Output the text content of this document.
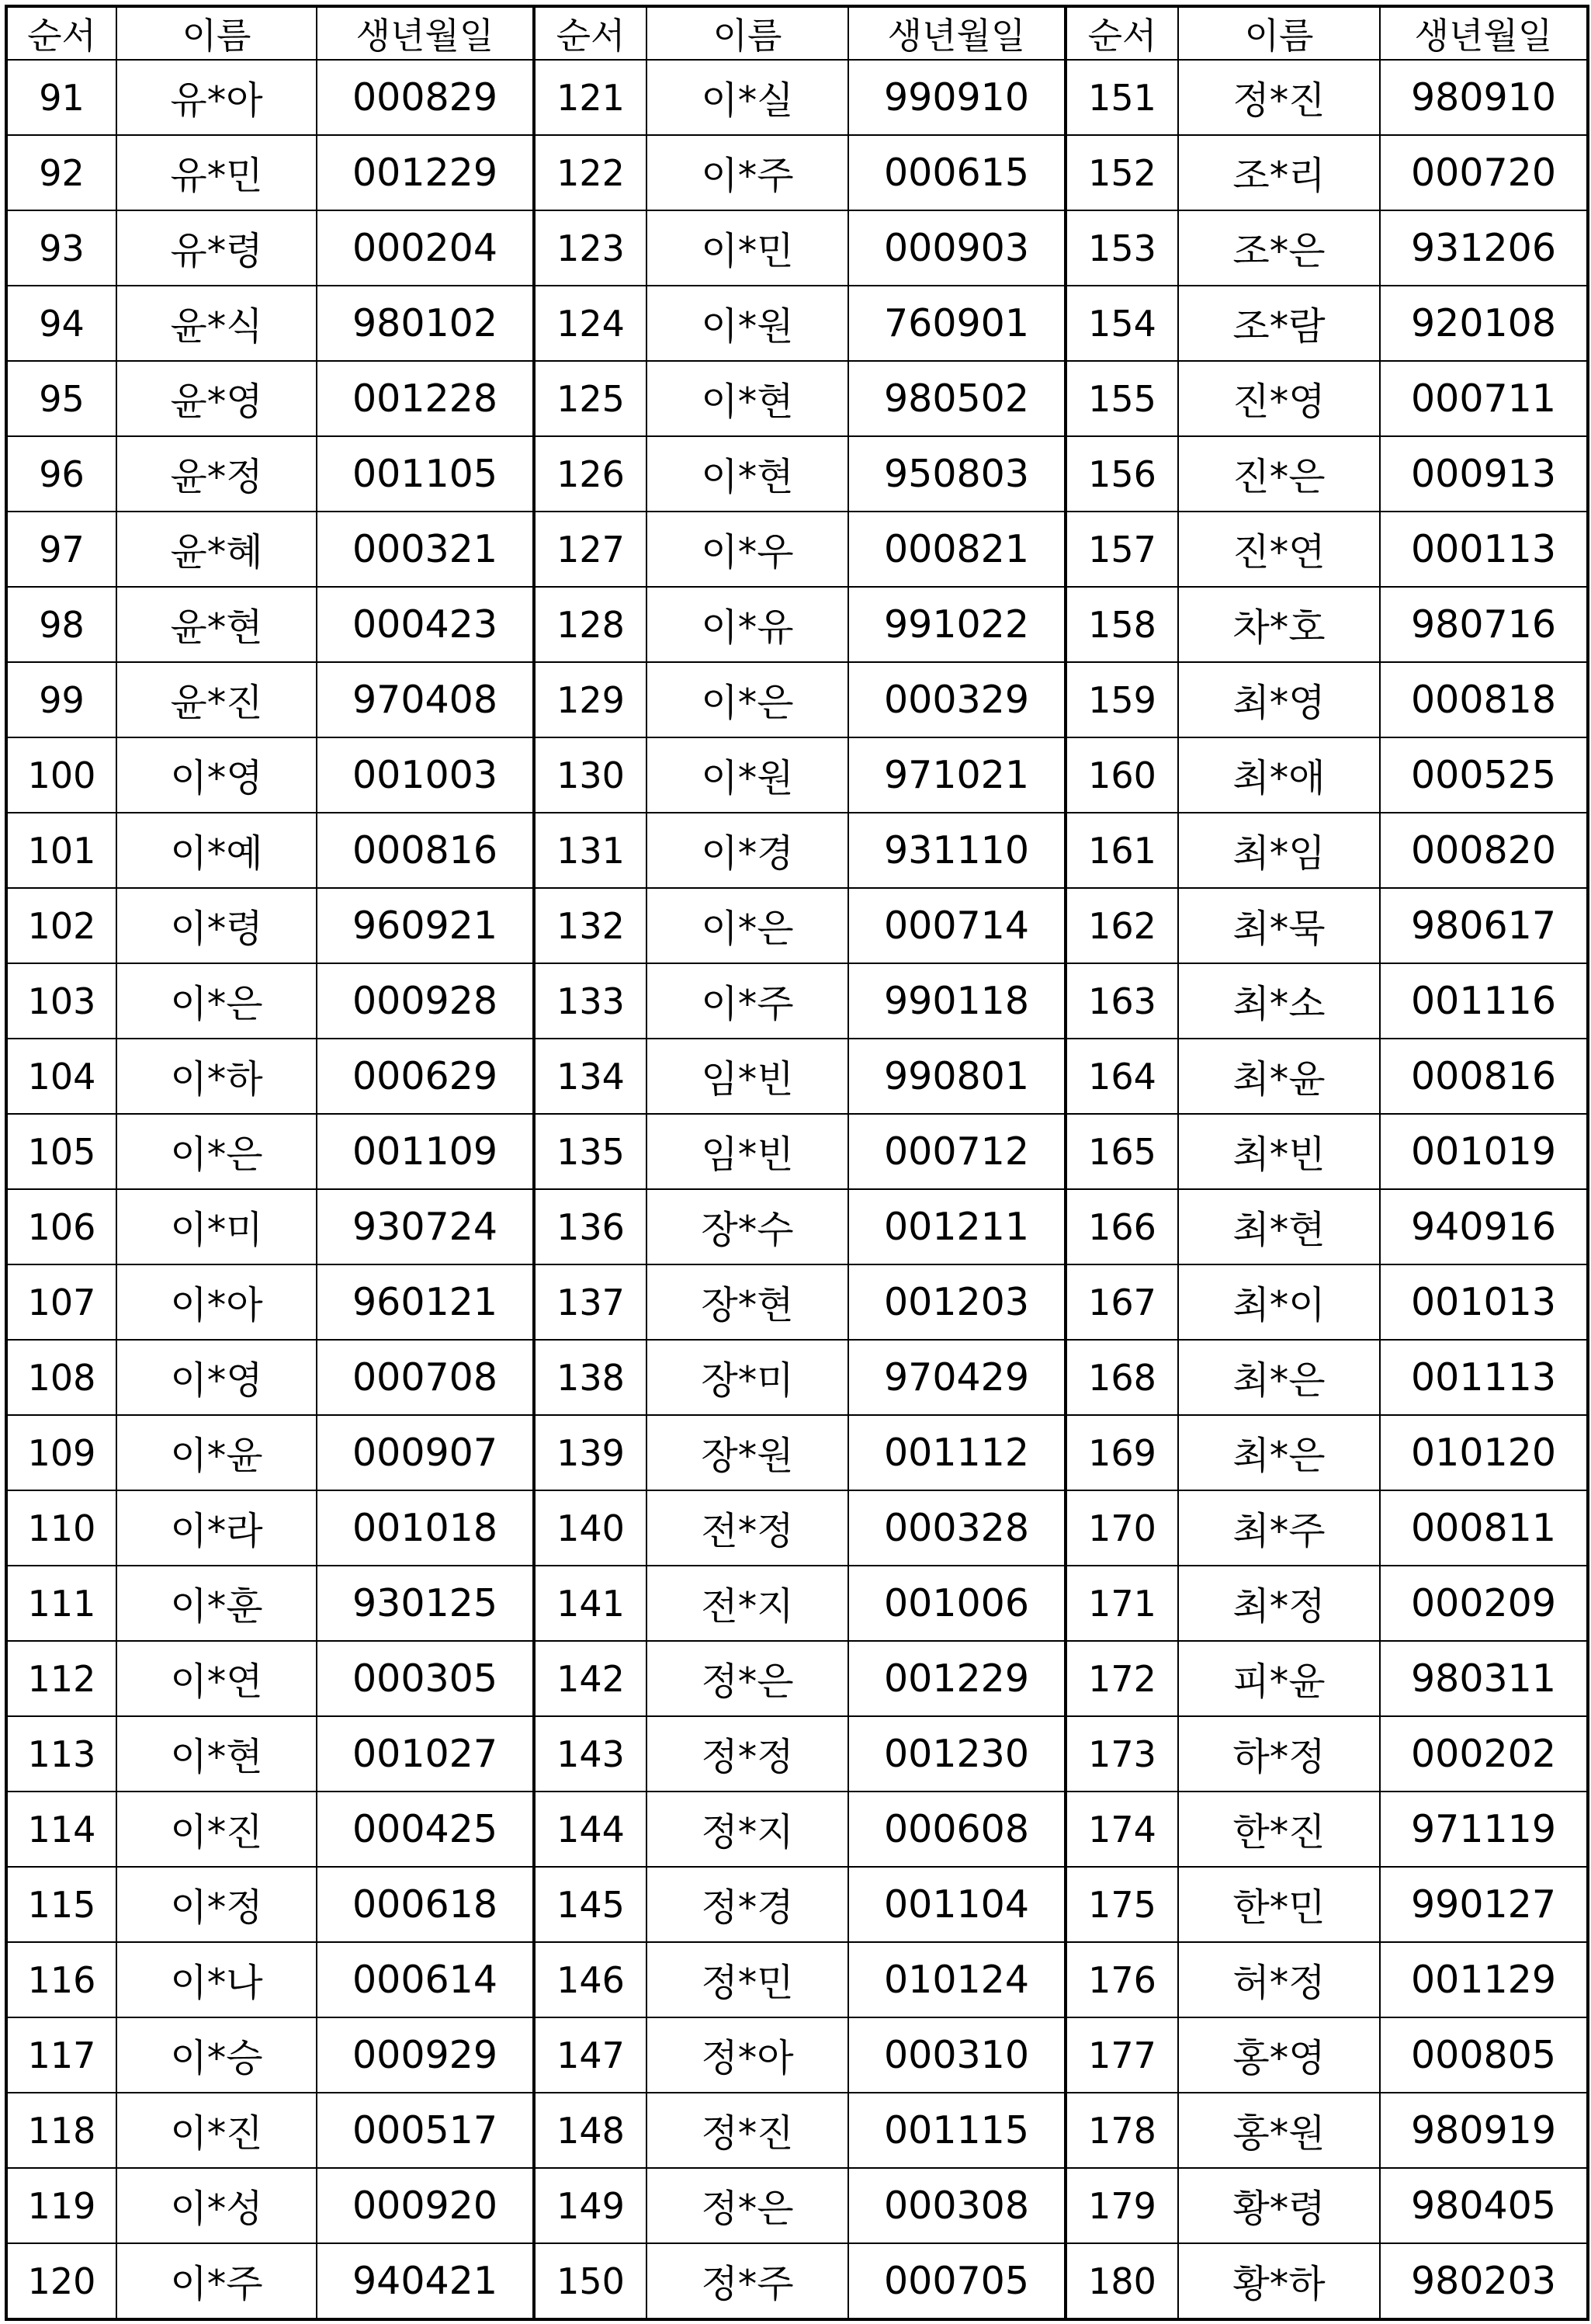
순서	이름	생년월일	순서	이름	생년월일	순서	이름	생년월일
91	유*아	000829	121	이*실	990910	151	정*진	980910
92	유*민	001229	122	이*주	000615	152	조*리	000720
93	유*령	000204	123	이*민	000903	153	조*은	931206
94	윤*식	980102	124	이*원	760901	154	조*람	920108
95	윤*영	001228	125	이*현	980502	155	진*영	000711
96	윤*정	001105	126	이*현	950803	156	진*은	000913
97	윤*혜	000321	127	이*우	000821	157	진*연	000113
98	윤*현	000423	128	이*유	991022	158	차*호	980716
99	윤*진	970408	129	이*은	000329	159	최*영	000818
100	이*영	001003	130	이*원	971021	160	최*애	000525
101	이*예	000816	131	이*경	931110	161	최*임	000820
102	이*령	960921	132	이*은	000714	162	최*묵	980617
103	이*은	000928	133	이*주	990118	163	최*소	001116
104	이*하	000629	134	임*빈	990801	164	최*윤	000816
105	이*은	001109	135	임*빈	000712	165	최*빈	001019
106	이*미	930724	136	장*수	001211	166	최*현	940916
107	이*아	960121	137	장*현	001203	167	최*이	001013
108	이*영	000708	138	장*미	970429	168	최*은	001113
109	이*윤	000907	139	장*원	001112	169	최*은	010120
110	이*라	001018	140	전*정	000328	170	최*주	000811
111	이*훈	930125	141	전*지	001006	171	최*정	000209
112	이*연	000305	142	정*은	001229	172	피*윤	980311
113	이*현	001027	143	정*정	001230	173	하*정	000202
114	이*진	000425	144	정*지	000608	174	한*진	971119
115	이*정	000618	145	정*경	001104	175	한*민	990127
116	이*나	000614	146	정*민	010124	176	허*정	001129
117	이*승	000929	147	정*아	000310	177	홍*영	000805
118	이*진	000517	148	정*진	001115	178	홍*원	980919
119	이*성	000920	149	정*은	000308	179	황*령	980405
120	이*주	940421	150	정*주	000705	180	황*하	980203
